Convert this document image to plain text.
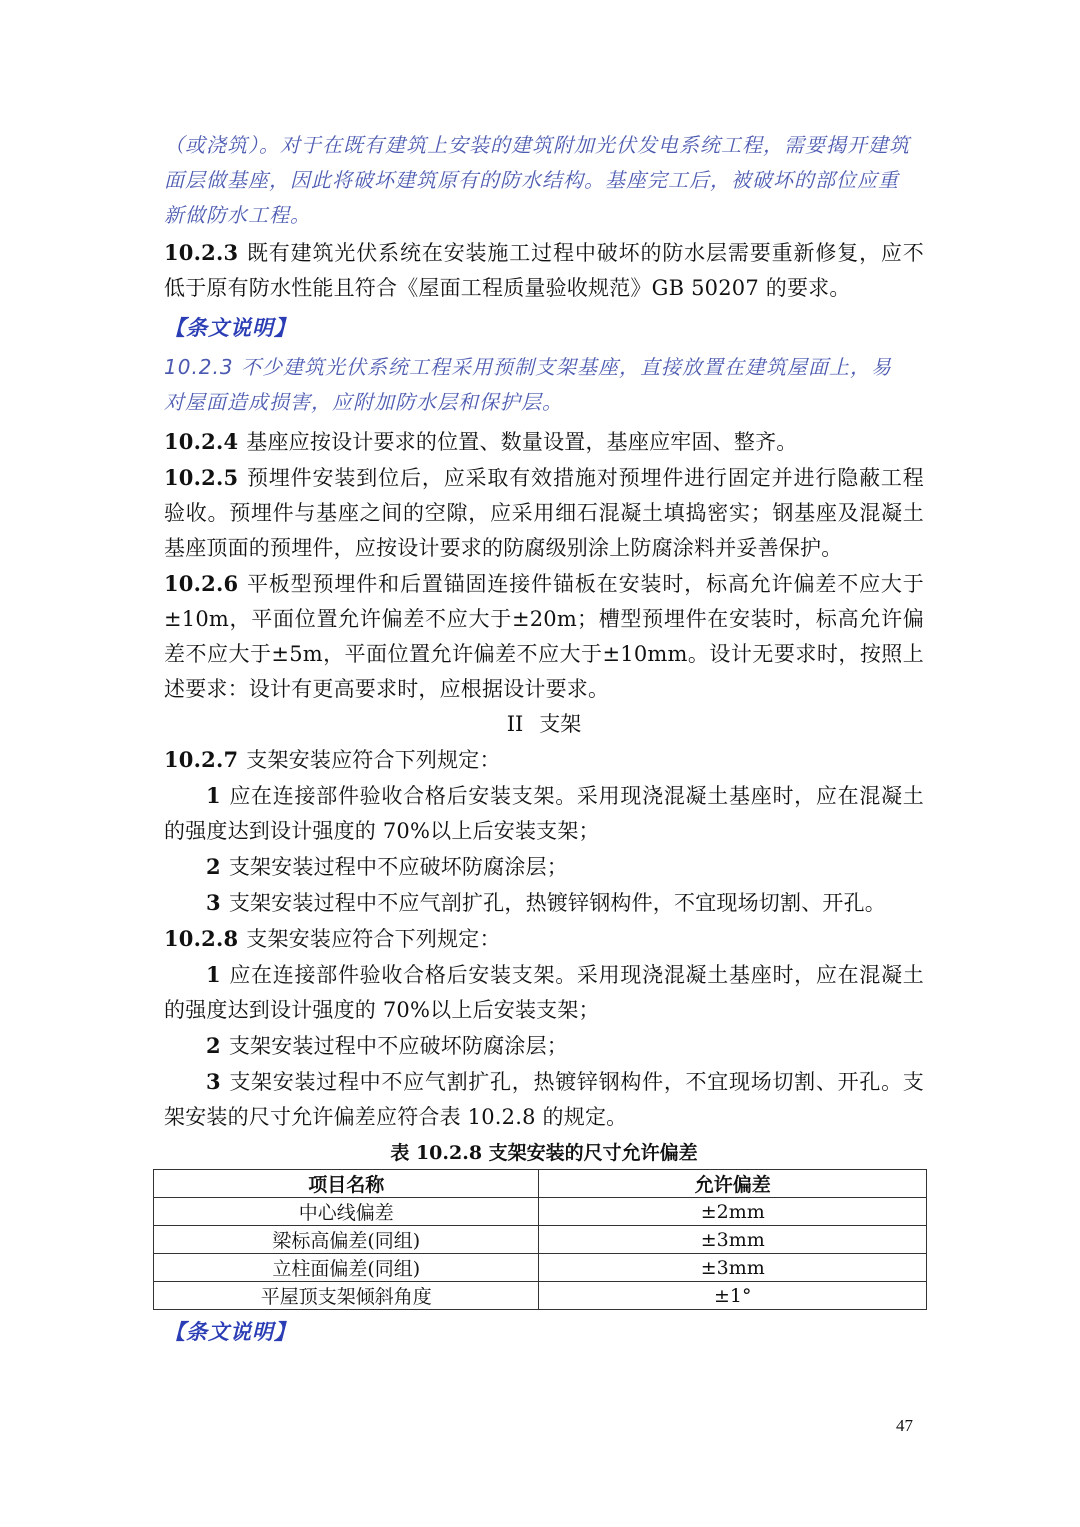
（或浇筑）。对于在既有建筑上安装的建筑附加光伏发电系统工程，需要揭开建筑

面层做基座，因此将破坏建筑原有的防水结构。基座完工后，被破坏的部位应重

新做防水工程。

10.2.3 既有建筑光伏系统在安装施工过程中破坏的防水层需要重新修复，应不低于原有防水性能且符合《屋面工程质量验收规范》GB 50207 的要求。

【条文说明】

10.2.3 不少建筑光伏系统工程采用预制支架基座，直接放置在建筑屋面上，易

对屋面造成损害，应附加防水层和保护层。

10.2.4 基座应按设计要求的位置、数量设置，基座应牢固、整齐。

10.2.5 预埋件安装到位后，应采取有效措施对预埋件进行固定并进行隐蔽工程验收。预埋件与基座之间的空隙，应采用细石混凝土填捣密实；钢基座及混凝土基座顶面的预埋件，应按设计要求的防腐级别涂上防腐涂料并妥善保护。

10.2.6 平板型预埋件和后置锚固连接件锚板在安装时，标高允许偏差不应大于±10m，平面位置允许偏差不应大于±20m；槽型预埋件在安装时，标高允许偏差不应大于±5m，平面位置允许偏差不应大于±10mm。设计无要求时，按照上述要求：设计有更高要求时，应根据设计要求。

II 支架

10.2.7 支架安装应符合下列规定：

1 应在连接部件验收合格后安装支架。采用现浇混凝土基座时，应在混凝土的强度达到设计强度的 70%以上后安装支架；

2 支架安装过程中不应破坏防腐涂层；

3 支架安装过程中不应气剖扩孔，热镀锌钢构件，不宜现场切割、开孔。

10.2.8 支架安装应符合下列规定：

1 应在连接部件验收合格后安装支架。采用现浇混凝土基座时，应在混凝土的强度达到设计强度的 70%以上后安装支架；

2 支架安装过程中不应破坏防腐涂层；

3 支架安装过程中不应气割扩孔，热镀锌钢构件，不宜现场切割、开孔。支架安装的尺寸允许偏差应符合表 10.2.8 的规定。

表 10.2.8 支架安装的尺寸允许偏差

项目名称	允许偏差
中心线偏差	±2mm
梁标高偏差(同组)	±3mm
立柱面偏差(同组)	±3mm
平屋顶支架倾斜角度	±1°

【条文说明】

47
